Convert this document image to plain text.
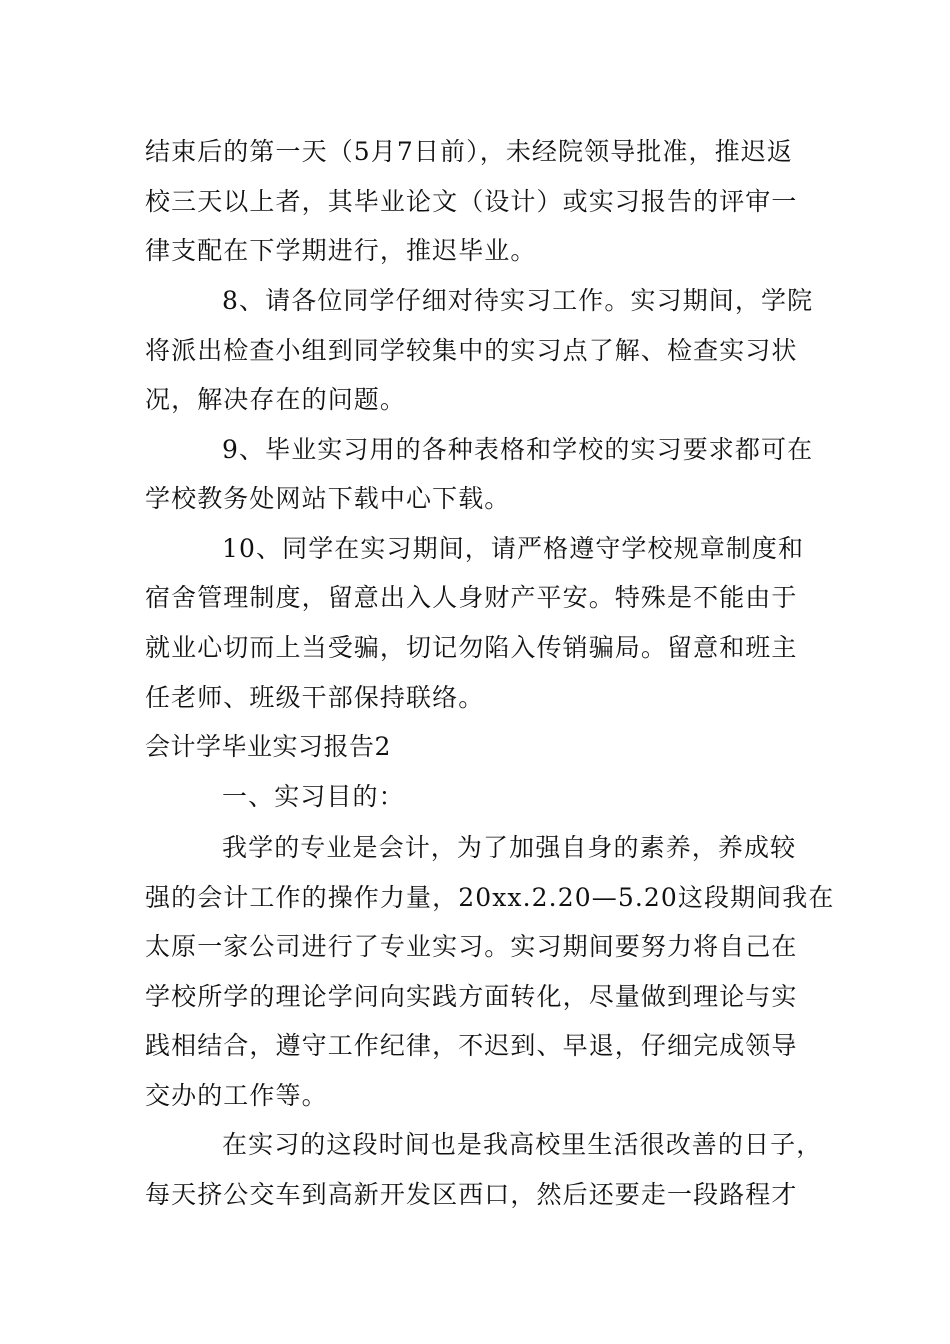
结束后的第一天（5月7日前），未经院领导批准，推迟返
校三天以上者，其毕业论文（设计）或实习报告的评审一
律支配在下学期进行，推迟毕业。
8、请各位同学仔细对待实习工作。实习期间，学院
将派出检查小组到同学较集中的实习点了解、检查实习状
况，解决存在的问题。
9、毕业实习用的各种表格和学校的实习要求都可在
学校教务处网站下载中心下载。
10、同学在实习期间，请严格遵守学校规章制度和
宿舍管理制度，留意出入人身财产平安。特殊是不能由于
就业心切而上当受骗，切记勿陷入传销骗局。留意和班主
任老师、班级干部保持联络。
会计学毕业实习报告2
一、实习目的：
我学的专业是会计，为了加强自身的素养，养成较
强的会计工作的操作力量，20xx.2.20—5.20这段期间我在
太原一家公司进行了专业实习。实习期间要努力将自己在
学校所学的理论学问向实践方面转化，尽量做到理论与实
践相结合，遵守工作纪律，不迟到、早退，仔细完成领导
交办的工作等。
在实习的这段时间也是我高校里生活很改善的日子，
每天挤公交车到高新开发区西口，然后还要走一段路程才
